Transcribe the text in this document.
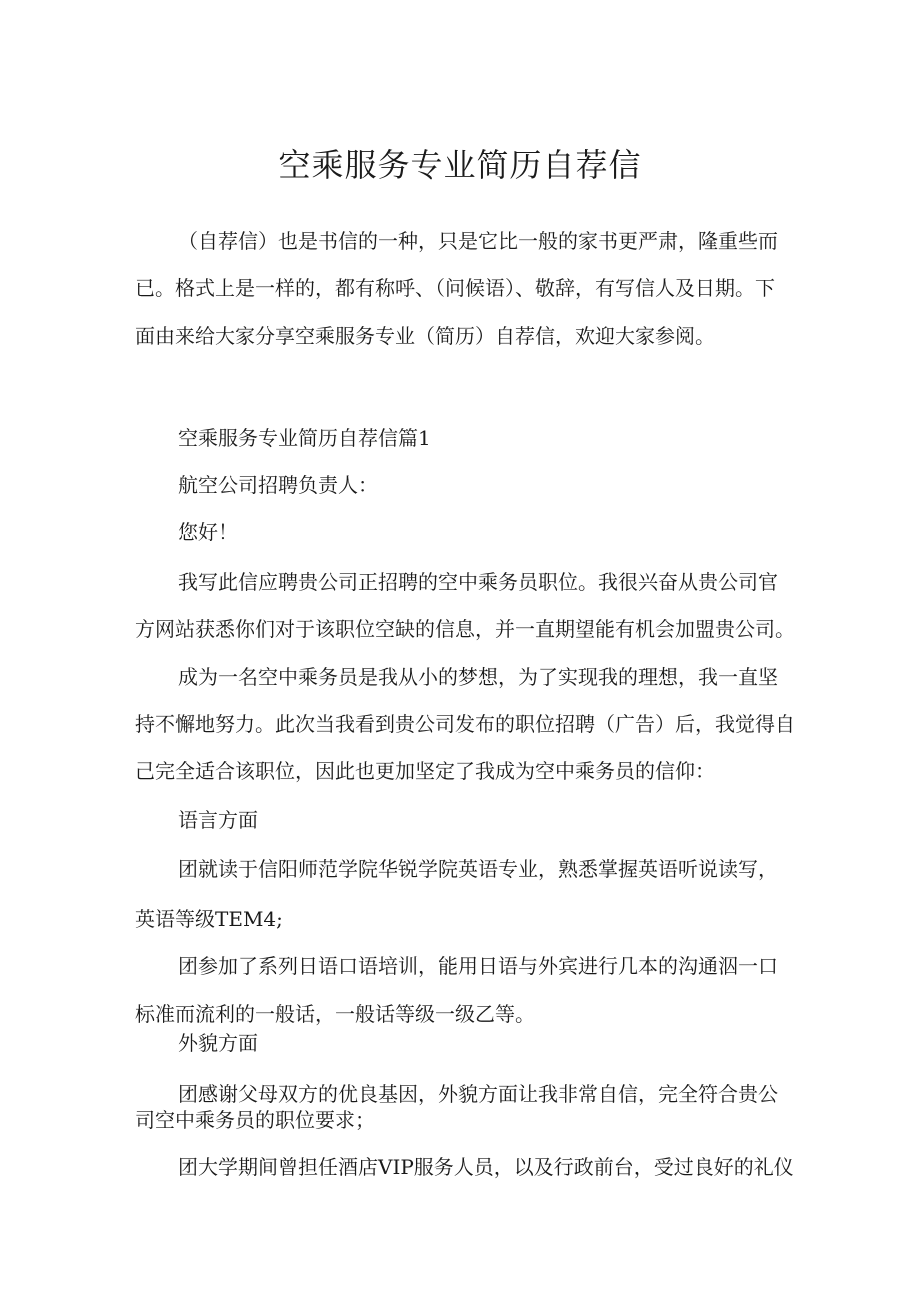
空乘服务专业简历自荐信
（自荐信）也是书信的一种，只是它比一般的家书更严肃，隆重些而
已。格式上是一样的，都有称呼、（问候语）、敬辞，有写信人及日期。下
面由来给大家分享空乘服务专业（简历）自荐信，欢迎大家参阅。
空乘服务专业简历自荐信篇1
航空公司招聘负责人：
您好！
我写此信应聘贵公司正招聘的空中乘务员职位。我很兴奋从贵公司官
方网站获悉你们对于该职位空缺的信息，并一直期望能有机会加盟贵公司。
成为一名空中乘务员是我从小的梦想，为了实现我的理想，我一直坚
持不懈地努力。此次当我看到贵公司发布的职位招聘（广告）后，我觉得自
己完全适合该职位，因此也更加坚定了我成为空中乘务员的信仰：
语言方面
团就读于信阳师范学院华锐学院英语专业，熟悉掌握英语听说读写，
英语等级TEM4;
团参加了系列日语口语培训，能用日语与外宾进行几本的沟通泅一口
标准而流利的一般话，一般话等级一级乙等。
外貌方面
团感谢父母双方的优良基因，外貌方面让我非常自信，完全符合贵公
司空中乘务员的职位要求；
团大学期间曾担任酒店VIP服务人员，以及行政前台，受过良好的礼仪
